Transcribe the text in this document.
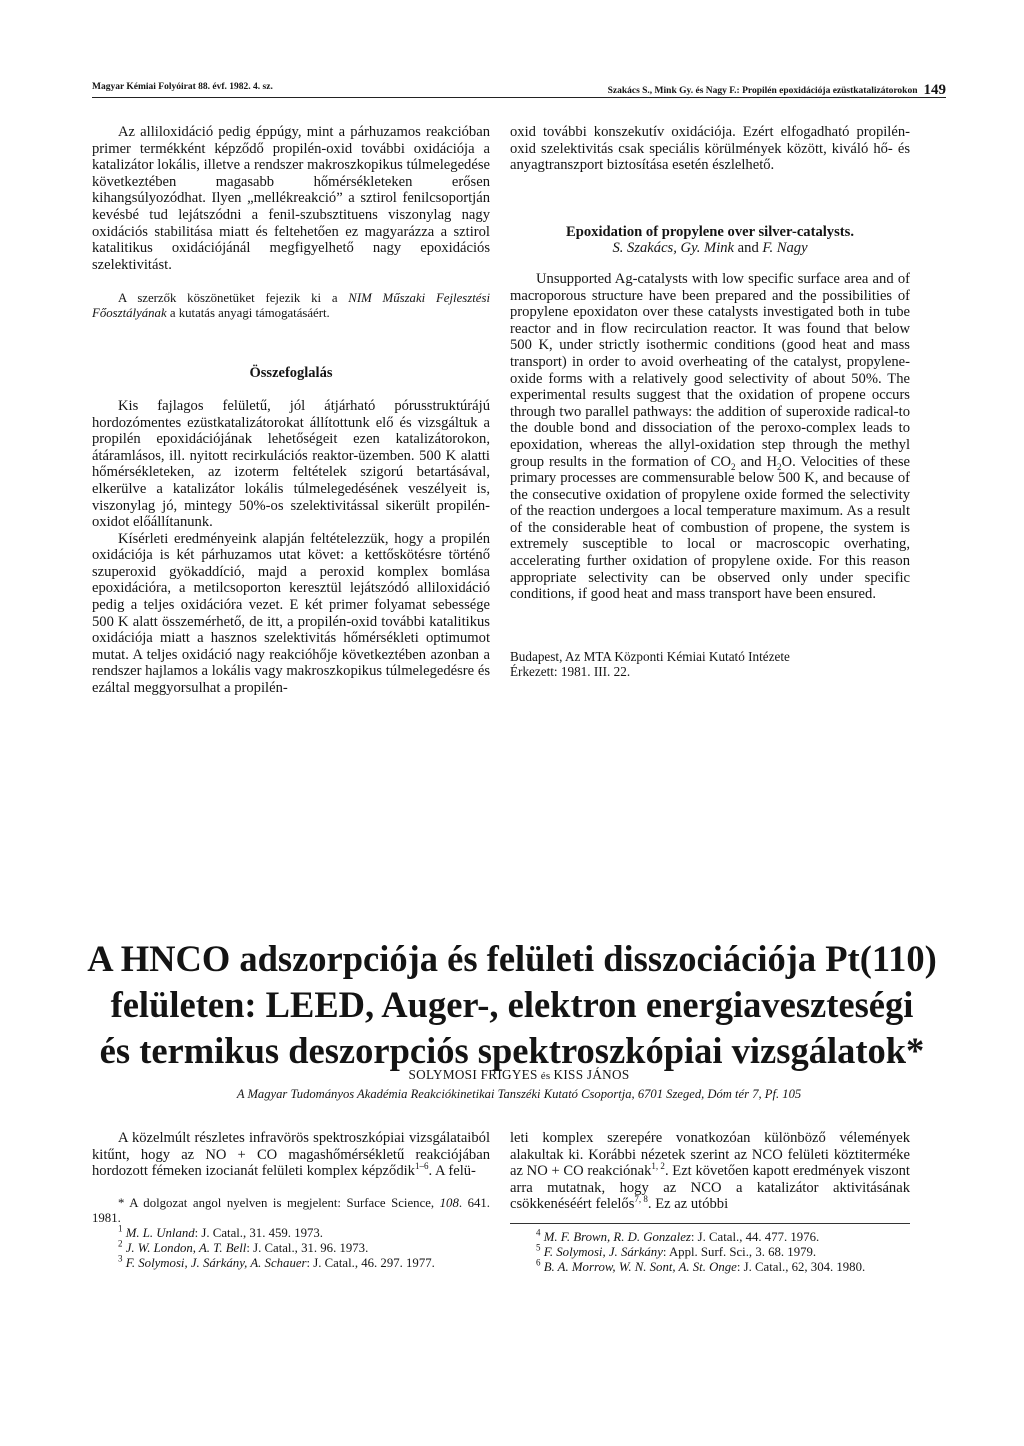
Magyar Kémiai Folyóirat 88. évf. 1982. 4. sz.	Szakács S., Mink Gy. és Nagy F.: Propilén epoxidációja ezüstkatalizátorokon 149

Az alliloxidáció pedig éppúgy, mint a párhuzamos reakcióban primer termékként képződő propilén-oxid további oxidációja a katalizátor lokális, illetve a rendszer makroszkopikus túlmelegedése következtében magasabb hőmérsékleteken erősen kihangsúlyozódhat. Ilyen „mellékreakció” a sztirol fenilcsoportján kevésbé tud lejátszódni a fenil-szubsztituens viszonylag nagy oxidációs stabilitása miatt és feltehetően ez magyarázza a sztirol katalitikus oxidációjánál megfigyelhető nagy epoxidációs szelektivitást.

A szerzők köszönetüket fejezik ki a NIM Műszaki Fejlesztési Főosztályának a kutatás anyagi támogatásáért.

Összefoglalás

Kis fajlagos felületű, jól átjárható pórusstruktúrájú hordozómentes ezüstkatalizátorokat állítottunk elő és vizsgáltuk a propilén epoxidációjának lehetőségeit ezen katalizátorokon, átáramlásos, ill. nyitott recirkulációs reaktor-üzemben. 500 K alatti hőmérsékleteken, az izoterm feltételek szigorú betartásával, elkerülve a katalizátor lokális túlmelegedésének veszélyeit is, viszonylag jó, mintegy 50%-os szelektivitással sikerült propilén-oxidot előállítanunk.

Kísérleti eredményeink alapján feltételezzük, hogy a propilén oxidációja is két párhuzamos utat követ: a kettőskötésre történő szuperoxid gyökaddíció, majd a peroxid komplex bomlása epoxidációra, a metilcsoporton keresztül lejátszódó alliloxidáció pedig a teljes oxidációra vezet. E két primer folyamat sebessége 500 K alatt összemérhető, de itt, a propilén-oxid további katalitikus oxidációja miatt a hasznos szelektivitás hőmérsékleti optimumot mutat. A teljes oxidáció nagy reakcióhője következtében azonban a rendszer hajlamos a lokális vagy makroszkopikus túlmelegedésre és ezáltal meggyorsulhat a propilén-

oxid további konszekutív oxidációja. Ezért elfogadható propilén-oxid szelektivitás csak speciális körülmények között, kiváló hő- és anyagtranszport biztosítása esetén észlelhető.

Epoxidation of propylene over silver-catalysts.

S. Szakács, Gy. Mink and F. Nagy

Unsupported Ag-catalysts with low specific surface area and of macroporous structure have been prepared and the possibilities of propylene epoxidaton over these catalysts investigated both in tube reactor and in flow recirculation reactor. It was found that below 500 K, under strictly isothermic conditions (good heat and mass transport) in order to avoid overheating of the catalyst, propylene-oxide forms with a relatively good selectivity of about 50%. The experimental results suggest that the oxidation of propene occurs through two parallel pathways: the addition of superoxide radical-to the double bond and dissociation of the peroxo-complex leads to epoxidation, whereas the allyl-oxidation step through the methyl group results in the formation of $CO_2$ and $H_2O$. Velocities of these primary processes are commensurable below 500 K, and because of the consecutive oxidation of propylene oxide formed the selectivity of the reaction undergoes a local temperature maximum. As a result of the considerable heat of combustion of propene, the system is extremely susceptible to local or macroscopic overhating, accelerating further oxidation of propylene oxide. For this reason appropriate selectivity can be observed only under specific conditions, if good heat and mass transport have been ensured.

Budapest, Az MTA Központi Kémiai Kutató Intézete

Érkezett: 1981. III. 22.

A HNCO adszorpciója és felületi disszociációja Pt(110)
felületen: LEED, Auger-, elektron energiaveszteségi
és termikus deszorpciós spektroszkópiai vizsgálatok*
SOLYMOSI FRIGYES és KISS JÁNOS
A Magyar Tudományos Akadémia Reakciókinetikai Tanszéki Kutató Csoportja, 6701 Szeged, Dóm tér 7, Pf. 105

A közelmúlt részletes infravörös spektroszkópiai vizsgálataiból kitűnt, hogy az NO + CO magashőmérsékletű reakciójában hordozott fémeken izocianát felületi komplex képződik$^{1-6}$. A felü-

* A dolgozat angol nyelven is megjelent: Surface Science, 108. 641. 1981.

$^1$ M. L. Unland: J. Catal., 31. 459. 1973.

$^2$ J. W. London, A. T. Bell: J. Catal., 31. 96. 1973.

$^3$ F. Solymosi, J. Sárkány, A. Schauer: J. Catal., 46. 297. 1977.

leti komplex szerepére vonatkozóan különböző vélemények alakultak ki. Korábbi nézetek szerint az NCO felületi köztiterméke az NO + CO reakciónak$^{1, 2}$. Ezt követően kapott eredmények viszont arra mutatnak, hogy az NCO a katalizátor aktivitásának csökkenéséért felelős$^{7, 8}$. Ez az utóbbi

$^4$ M. F. Brown, R. D. Gonzalez: J. Catal., 44. 477. 1976.

$^5$ F. Solymosi, J. Sárkány: Appl. Surf. Sci., 3. 68. 1979.

$^6$ B. A. Morrow, W. N. Sont, A. St. Onge: J. Catal., 62, 304. 1980.
